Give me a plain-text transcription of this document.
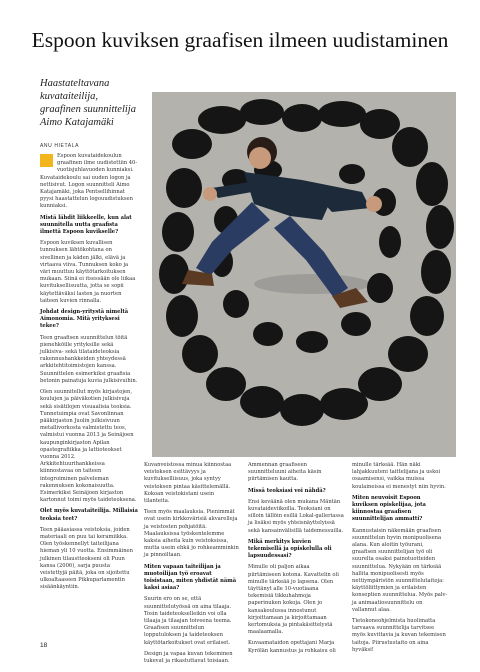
Espoon kuviksen graafisen ilmeen uudistaminen
Haastateltavana kuvataiteilija, graafinen suunnittelija Aimo Katajamäki
ANU HIETALA

Espoon kuvataidekoulun graafinen ilme uudistettiin 40-vuotisjuhlavuoden kunniaksi. Kuvataidekoulu sai uuden logon ja nettisivut. Logon suunnitteli Aimo Katajamäki, joka Pentsellihinnat pyysi haastattelun logouudistuksen kunniaksi.

Mistä lähdit liikkeelle, kun alat suunnitella uutta graafista ilmettä Espoon kuvikselle?

Espoon kuviksen kuvallisen tunnuksen lähtökohtana on sivellinen ja käden jälki, elävä ja virtaava viiva. Tunnuksen koko ja väri muuttuu käyttötarkoituksen mukaan. Siinä ei itsessään ole liikaa kuvituksellisuutta, jotta se sopii käytettäväksi lasten ja nuorten taiteen kuvien rinnalla.

Johdat design-yritystä nimeltä Aimonomia. Mitä yrityksesi tekee?

Teen graafisen suunnittelun töitä pienehköille yrityksille sekä julkisiva- sekä tilataideteoksia rakennushankkeiden yhteydessä arkkitehtitoimistojen kanssa. Suunnittelen esimerkiksi graafisia betonin painatuja kuvia julkisivuihin.

Olen suunnitellut myös kirjastojen, koulujen ja päiväkotien julkisivuja sekä sisätilojen visuaalisia teoksia. Tunnetuimpia ovat Savonlinnan pääkirjaston Juolin julkisivuun metallivorkosta valmistettu teos, valmistui vuonna 2013 ja Seinäjoen kaupunginkirjaston Apilan opastegrafiikka ja lattioteokset vuonna 2012. Arkkitehtuurihankkeissa kiinnostavaa on taiteen integroiminen palveleman rakennuksen kokonaisuutta. Esimerkiksi Seinäjoen kirjaston kartonnut toimi myös taideteoksena.

Olet myös kuvataiteilija. Millaisia teoksia teet?

Teen pääasiassa veistoksia, joiden materiaali on puu tai keramiikka. Olen työskennellyt taiteilijana hieman yli 10 vuotta. Ensimmäinen julkinen tilaustteokseni oli Puun kansa (2006), sarja puusta veistettyjä päitä, joka on sijoitettu ulkoaltaaseen Pikkuparlamentin sisäänkäyntiin.

Kuvanveistossa minua kiinnostaa veistoksen esittävyys ja kuvitukselliisuus, joka syntyy veistoksen pintaa käsittelemällä. Kokoan veistokistani usein tilanteita.

Teen myös maalauksia. Pienimmät ovat usein kirkkovärisiä akvarelleja ja veistosten pohjatöitä. Maalauksissa työskentelemme kaksia aiheita kuin veistoksissa, mutta usein ehkä jo rohkeamminkin ja pinnoiltaan.

Miten vapaan taiteilijan ja muotoilijan työ eroavat toisistaan, miten yhdistät nämä kaksi asiaa?

Suurin ero on se, että suunnittelutyössä on aina tilaaja. Tosin taideteokselleikin voi olla tilaaja ja tilaajan toiveena teema. Graafisen suunnittelun lopputuloksen ja taideteoksen käyttötarkoitukset ovat erilaiset.

Design ja vapaa kuvan tekeminen tukevat ja rikastuttavat toisiaan.

Ammennan graafiseen suunnitteluuni aiheita käsin piirtämisen kautta.

Missä teoksiasi voi nähdä?

Ensi keväänä olen mukana Mäntän kuvataideviikoilla. Teoksiani on silloin tällöin esillä Lokal-galleriassa ja lisäksi myös yhteisnäyttelyissä sekä kansainvälisillä taidemessuilla.

Mikä merkitys kuvien tekemisellä ja opiskelulla oli lapsuudessasi?

Minulle oli paljon aikaa piirtämiseen kotona. Kavattelin oli minulle tärkeää jo lapsena. Olen täyttänyt alle 10-vuotiaana tekemisiä tikkuhahmoja paperinuken kokoja. Olen jo kansakoulussa innostunut kirjoittamaan ja kirjoittamaan kertomuksia ja pintakäsittelystä maalaamalla.

Kuvaamataidon opettajani Marja Kyrölän kannustus ja rohkaisu oli

minulle tärkeää. Hän näki lahjakkuuteni taittelijana ja uskoi osaamisensi, vaikka muissa koulaineissa ei menestyt niin hyvin.

Miten neuvoisit Espoon kuviksen opiskelijaa, jota kiinnostaa graafisen suunnittelijan ammatti?

Kannustaisin näkemään graafisen suunnittelun hyvin monipuolisena alana. Kun aloitin työurani, graafisen suunnittelijan työ oli suurelta osaksi painotuotteiden suunnittelua. Nykyään on tärkeää hallita monipuolisesti myös nettiympäristön suunnittelutaitoja: käyttöliittymien ja erilaisten konseptien suunnittelua. Myös palv- ja animaatiosuunnittelu on vallannut alaa.

Tietokoneohjelmista huolimatta tarvaava suunnittelija tarvitsee myös kuvittavia ja kuvan tekemisen taitoja. Piirustustaito on aina hyväksi!

18
